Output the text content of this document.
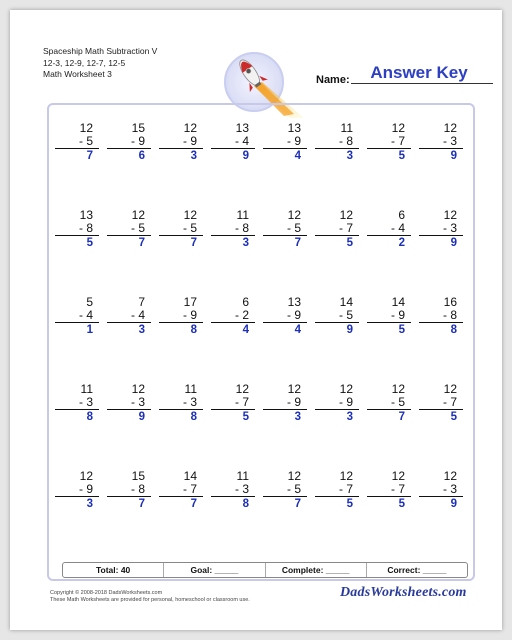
Spaceship Math Subtraction V
12-3, 12-9, 12-7, 12-5
Math Worksheet 3	Answer Key
Name:
12
- 5
7
15
- 9
6
12
- 9
3
13
- 4
9
13
- 9
4
11
- 8
3
12
- 7
5
12
- 3
9
13
- 8
5
12
- 5
7
12
- 5
7
11
- 8
3
12
- 5
7
12
- 7
5
6
- 4
2
12
- 3
9
5
- 4
1
7
- 4
3
17
- 9
8
6
- 2
4
13
- 9
4
14
- 5
9
14
- 9
5
16
- 8
8
11
- 3
8
12
- 3
9
11
- 3
8
12
- 7
5
12
- 9
3
12
- 9
3
12
- 5
7
12
- 7
5
12
- 9
3
15
- 8
7
14
- 7
7
11
- 3
8
12
- 5
7
12
- 7
5
12
- 7
5
12
- 3
9
Total: 40	Goal: _____	Complete: _____	Correct: _____
Copyright © 2008-2018 DadsWorksheets.com
These Math Worksheets are provided for personal, homeschool or classroom use.	DadsWorksheets.com
